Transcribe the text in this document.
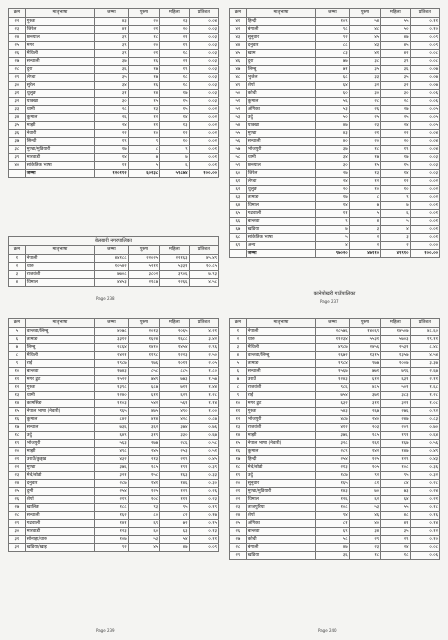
क्रम	मातृभाषा	जम्मा	पुरुष	महिला	प्रतिशत
२२	गुरुङ	४३	२०	२३	०.०४
२३	जिरेल	४१	२१	२०	०.०३
२४	छन्त्याल	३९	१८	२१	०.०३
२५	मगर	३९	२०	१९	०.०३
२६	मैथिली	३९	२१	१८	०.०३
२७	सन्थाली	३७	१६	२१	०.०३
२८	दुरा	३६	१७	१९	०.०३
२९	लेप्चा	३५	१७	१८	०.०३
३०	सुरेल	३४	१६	१८	०.०३
३१	थुलुङ	३१	१४	१७	०.०३
३२	याक्खा	३०	१५	१५	०.०३
३३	थामी	२८	१३	१५	०.०२
३४	कुमाल	२६	१२	१४	०.०२
३५	माझी	२४	११	१३	०.०२
३६	नेवारी	२२	१०	१२	०.०२
३७	सिन्धी	१९	९	१०	०.०२
३८	मुण्डा/मुडियारी	१७	८	९	०.०१
३९	मारवाडी	१४	७	७	०.०१
४०	सांकेतिक भाषा	११	५	६	०.०१
	जम्मा	१२०११२	६०२३८	५९८७४	१००.००
बेलबारी नगरपालिका
क्रम	मातृभाषा	जम्मा	पुरुष	महिला	प्रतिशत
१	नेपाली	४४१८८	२२०२५	२२१६३	४५.४९
२	थारु	१०५४२	५२११	५३३१	१०.८५
३	राजवंशी	७७०८	३८०२	३९०६	७.९३
४	धिमाल	४४५३	२१८७	२२६६	४.५८
Page 238
क्रम	मातृभाषा	जम्मा	पुरुष	महिला	प्रतिशत
४१	हिन्दी	१०९	५४	५५	०.११
४२	बंगाली	९८	४८	५०	०.१०
४३	सुनुवार	९२	४५	४७	०.०९
४४	दनुवार	८८	४३	४५	०.०९
४५	खाम	८३	४१	४२	०.०८
४६	दुरा	७७	३८	३९	०.०८
४७	लिम्बू	७१	३५	३६	०.०७
४८	भुजेल	६८	३३	३५	०.०७
४९	शेर्पा	६४	३२	३२	०.०७
५०	कोची	६०	३०	३०	०.०६
५१	कुमाल	५६	२८	२८	०.०६
५२	अंगिका	५३	२६	२७	०.०५
५३	उर्दु	५०	२५	२५	०.०५
५४	याक्खा	४७	२३	२४	०.०५
५५	मुण्डा	४३	२१	२२	०.०४
५६	सन्थाली	४०	२०	२०	०.०४
५७	भोजपुरी	३७	१८	१९	०.०४
५८	थामी	३४	१७	१७	०.०३
५९	छन्त्याल	३०	१५	१५	०.०३
६०	जिरेल	२७	१३	१४	०.०३
६१	लेप्चा	२४	१२	१२	०.०२
६२	थुलुङ	२०	१०	१०	०.०२
६३	तामाङ	१७	८	९	०.०२
६४	धिमाल	१४	७	७	०.०१
६५	गढवाली	११	५	६	०.०१
६६	बान्तवा	९	४	५	०.०१
६७	खडिया	७	३	४	०.०१
६८	सांकेतिक भाषा	५	२	३	०.०१
६९	अन्य	४	२	२	०.००
	जम्मा	९७०२०	४७११०	४९९१०	१००.००
कानेपोखरी गाउँपालिका
Page 237
क्रम	मातृभाषा	जम्मा	पुरुष	महिला	प्रतिशत
५	वान्तवा/लिम्बू	४०७८	२०१३	२०६५	४.२१
६	तामाङ	३३१२	१६२४	१६८८	३.४२
७	लिम्बू	२८६४	१४१०	१४५४	२.९६
८	मैथिली	२४२१	११९८	१२२३	२.५०
९	राई	१९८७	९७६	१०११	२.०५
१०	बान्तवा	१७४३	८५८	८८५	१.८०
११	मगर ढुट	१५२२	७४९	७७३	१.५७
१२	गुरुङ	१३९८	६८७	७११	१.४४
१३	थामी	१२४०	६११	६२९	१.२८
१४	कामसिङ	११०३	५४२	५६१	१.१४
१५	नेपाल भाषा (नेवारी)	९६५	४७५	४९०	१.००
१६	कुमाल	८४२	४१४	४२८	०.८७
१७	सन्थाल	७३६	३६२	३७४	०.७६
१८	उर्दु	६४९	३१९	३३०	०.६७
१९	भोजपुरी	५६३	२७७	२८६	०.५८
२०	माझी	४९८	२४५	२५३	०.५१
२१	उराउँ/कुड्ख	४३२	२१३	२१९	०.४५
२२	मुण्डा	३७६	१८५	१९१	०.३९
२३	मेचे/बोडो	३२१	१५८	१६३	०.३३
२४	दनुवार	२८७	१४१	१४६	०.३०
२५	दुमी	२५४	१२५	१२९	०.२६
२६	शेर्पा	२१९	१०८	१११	०.२३
२७	खालिङ	१८८	९३	९५	०.१९
२८	सन्थाली	१६२	८०	८२	०.१७
२९	गढवाली	१४१	६९	७२	०.१५
३०	मारवाडी	१२३	६०	६३	०.१३
३१	सोनाहा/थारु	१०७	५३	५४	०.११
३२	खडिया/खाइ	९२	४५	४७	०.०९
Page 239
क्रम	मातृभाषा	जम्मा	पुरुष	महिला	प्रतिशत
१	नेपाली	२८५७६	१४०६९	१४५०७	४८.६०
२	थारु	११२३४	५५३१	५७०३	१९.११
३	मैथिली	४९८७	२४५६	२५३१	८.४८
४	वान्तवा/लिम्बू	२६७२	१३१५	१३५७	४.५४
५	तामाङ	१९८४	९७७	१००७	३.३७
६	सन्थाली	१५६७	७७१	७९६	२.६७
७	उराउँ	१२४३	६१२	६३१	२.११
८	राजवंशी	९८६	४८५	५०१	१.६८
९	राई	७५४	३७१	३८३	१.२८
१०	मगर ढुट	६३२	३११	३२१	१.०८
११	गुरुङ	५४३	२६७	२७६	०.९२
१२	भोजपुरी	४८७	२४०	२४७	०.८३
१३	राजवंशी	४१२	२०३	२०९	०.७०
१४	माझी	३७६	१८५	१९१	०.६४
१५	नेपाल भाषा (नेवारी)	३२८	१६१	१६७	०.५६
१६	कुमाल	२८९	१४२	१४७	०.४९
१७	हिन्दी	२५४	१२५	१२९	०.४३
१८	मेचे/बोडो	२१३	१०५	१०८	०.३६
१९	उर्दु	१८७	९२	९५	०.३२
२०	सुनुवार	१६५	८१	८४	०.२८
२१	मुण्डा/मुडियारी	१४३	७०	७३	०.२४
२२	धिमाल	१२६	६२	६४	०.२१
२३	ताजपुरिया	१०८	५३	५५	०.१८
२४	शेर्पा	९४	४६	४८	०.१६
२५	अंगिका	८१	४०	४१	०.१४
२६	बान्तवा	६९	३४	३५	०.१२
२७	कोची	५८	२९	२९	०.१०
२८	बंगाली	४७	२३	२४	०.०८
२९	खडिया	३६	१८	१८	०.०६
Page 240
